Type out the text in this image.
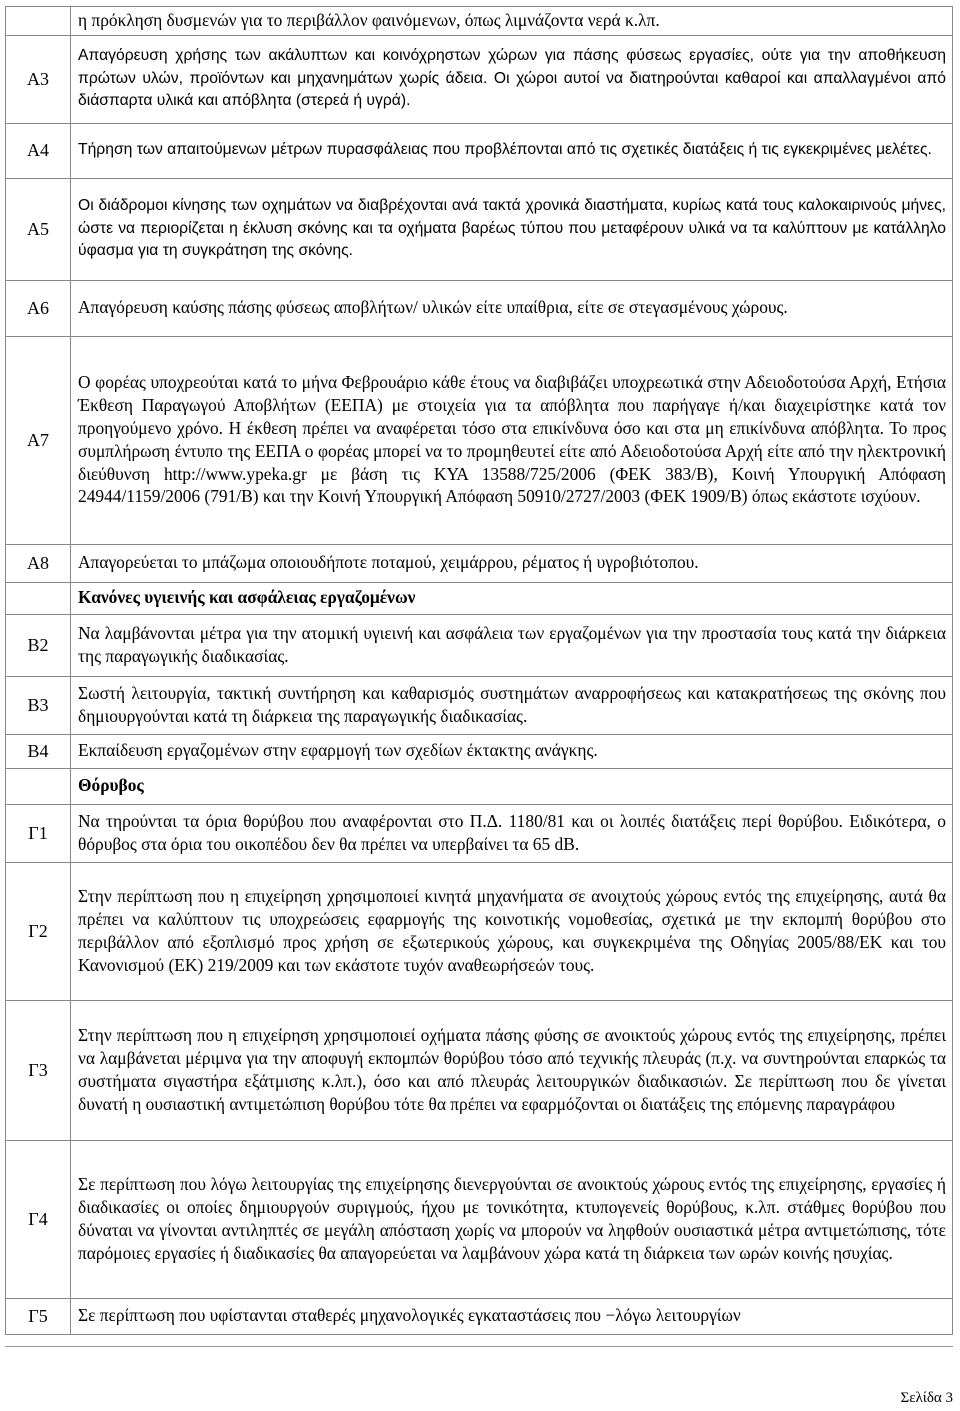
	η πρόκληση δυσμενών για το περιβάλλον φαινόμενων, όπως λιμνάζοντα νερά κ.λπ.
Α3	Απαγόρευση χρήσης των ακάλυπτων και κοινόχρηστων χώρων για πάσης φύσεως εργασίες, ούτε για την αποθήκευση πρώτων υλών, προϊόντων και μηχανημάτων χωρίς άδεια. Οι χώροι αυτοί να διατηρούνται καθαροί και απαλλαγμένοι από διάσπαρτα υλικά και απόβλητα (στερεά ή υγρά).
Α4	Τήρηση των απαιτούμενων μέτρων πυρασφάλειας που προβλέπονται από τις σχετικές διατάξεις ή τις εγκεκριμένες μελέτες.
Α5	Οι διάδρομοι κίνησης των οχημάτων να διαβρέχονται ανά τακτά χρονικά διαστήματα, κυρίως κατά τους καλοκαιρινούς μήνες, ώστε να περιορίζεται η έκλυση σκόνης και τα οχήματα βαρέως τύπου που μεταφέρουν υλικά να τα καλύπτουν με κατάλληλο ύφασμα για τη συγκράτηση της σκόνης.
Α6	Απαγόρευση καύσης πάσης φύσεως αποβλήτων/ υλικών είτε υπαίθρια, είτε σε στεγασμένους χώρους.
Α7	Ο φορέας υποχρεούται κατά το μήνα Φεβρουάριο κάθε έτους να διαβιβάζει υποχρεωτικά στην Αδειοδοτούσα Αρχή, Ετήσια Έκθεση Παραγωγού Αποβλήτων (ΕΕΠΑ) με στοιχεία για τα απόβλητα που παρήγαγε ή/και διαχειρίστηκε κατά τον προηγούμενο χρόνο. Η έκθεση πρέπει να αναφέρεται τόσο στα επικίνδυνα όσο και στα μη επικίνδυνα απόβλητα. Το προς συμπλήρωση έντυπο της ΕΕΠΑ ο φορέας μπορεί να το προμηθευτεί είτε από Αδειοδοτούσα Αρχή είτε από την ηλεκτρονική διεύθυνση http://www.ypeka.gr με βάση τις ΚΥΑ 13588/725/2006 (ΦΕΚ 383/Β), Κοινή Υπουργική Απόφαση 24944/1159/2006 (791/Β) και την Κοινή Υπουργική Απόφαση 50910/2727/2003 (ΦΕΚ 1909/Β) όπως εκάστοτε ισχύουν.
Α8	Απαγορεύεται το μπάζωμα οποιουδήποτε ποταμού, χειμάρρου, ρέματος ή υγροβιότοπου.
	Κανόνες υγιεινής και ασφάλειας εργαζομένων
Β2	Να λαμβάνονται μέτρα για την ατομική υγιεινή και ασφάλεια των εργαζομένων για την προστασία τους κατά την διάρκεια της παραγωγικής διαδικασίας.
Β3	Σωστή λειτουργία, τακτική συντήρηση και καθαρισμός συστημάτων αναρροφήσεως και κατακρατήσεως της σκόνης που δημιουργούνται κατά τη διάρκεια της παραγωγικής διαδικασίας.
Β4	Εκπαίδευση εργαζομένων στην εφαρμογή των σχεδίων έκτακτης ανάγκης.
	Θόρυβος
Γ1	Να τηρούνται τα όρια θορύβου που αναφέρονται στο Π.Δ. 1180/81 και οι λοιπές διατάξεις περί θορύβου. Ειδικότερα, ο θόρυβος στα όρια του οικοπέδου δεν θα πρέπει να υπερβαίνει τα 65 dB.
Γ2	Στην περίπτωση που η επιχείρηση χρησιμοποιεί κινητά μηχανήματα σε ανοιχτούς χώρους εντός της επιχείρησης, αυτά θα πρέπει να καλύπτουν τις υποχρεώσεις εφαρμογής της κοινοτικής νομοθεσίας, σχετικά με την εκπομπή θορύβου στο περιβάλλον από εξοπλισμό προς χρήση σε εξωτερικούς χώρους, και συγκεκριμένα της Οδηγίας 2005/88/ΕΚ και του Κανονισμού (ΕΚ) 219/2009 και των εκάστοτε τυχόν αναθεωρήσεών τους.
Γ3	Στην περίπτωση που η επιχείρηση χρησιμοποιεί οχήματα πάσης φύσης σε ανοικτούς χώρους εντός της επιχείρησης, πρέπει να λαμβάνεται μέριμνα για την αποφυγή εκπομπών θορύβου τόσο από τεχνικής πλευράς (π.χ. να συντηρούνται επαρκώς τα συστήματα σιγαστήρα εξάτμισης κ.λπ.), όσο και από πλευράς λειτουργικών διαδικασιών. Σε περίπτωση που δε γίνεται δυνατή η ουσιαστική αντιμετώπιση θορύβου τότε θα πρέπει να εφαρμόζονται οι διατάξεις της επόμενης παραγράφου
Γ4	Σε περίπτωση που λόγω λειτουργίας της επιχείρησης διενεργούνται σε ανοικτούς χώρους εντός της επιχείρησης, εργασίες ή διαδικασίες οι οποίες δημιουργούν συριγμούς, ήχου με τονικότητα, κτυπογενείς θορύβους, κ.λπ. στάθμες θορύβου που δύναται να γίνονται αντιληπτές σε μεγάλη απόσταση χωρίς να μπορούν να ληφθούν ουσιαστικά μέτρα αντιμετώπισης, τότε παρόμοιες εργασίες ή διαδικασίες θα απαγορεύεται να λαμβάνουν χώρα κατά τη διάρκεια των ωρών κοινής ησυχίας.
Γ5	Σε περίπτωση που υφίστανται σταθερές μηχανολογικές εγκαταστάσεις που −λόγω λειτουργίων
Σελίδα 3
